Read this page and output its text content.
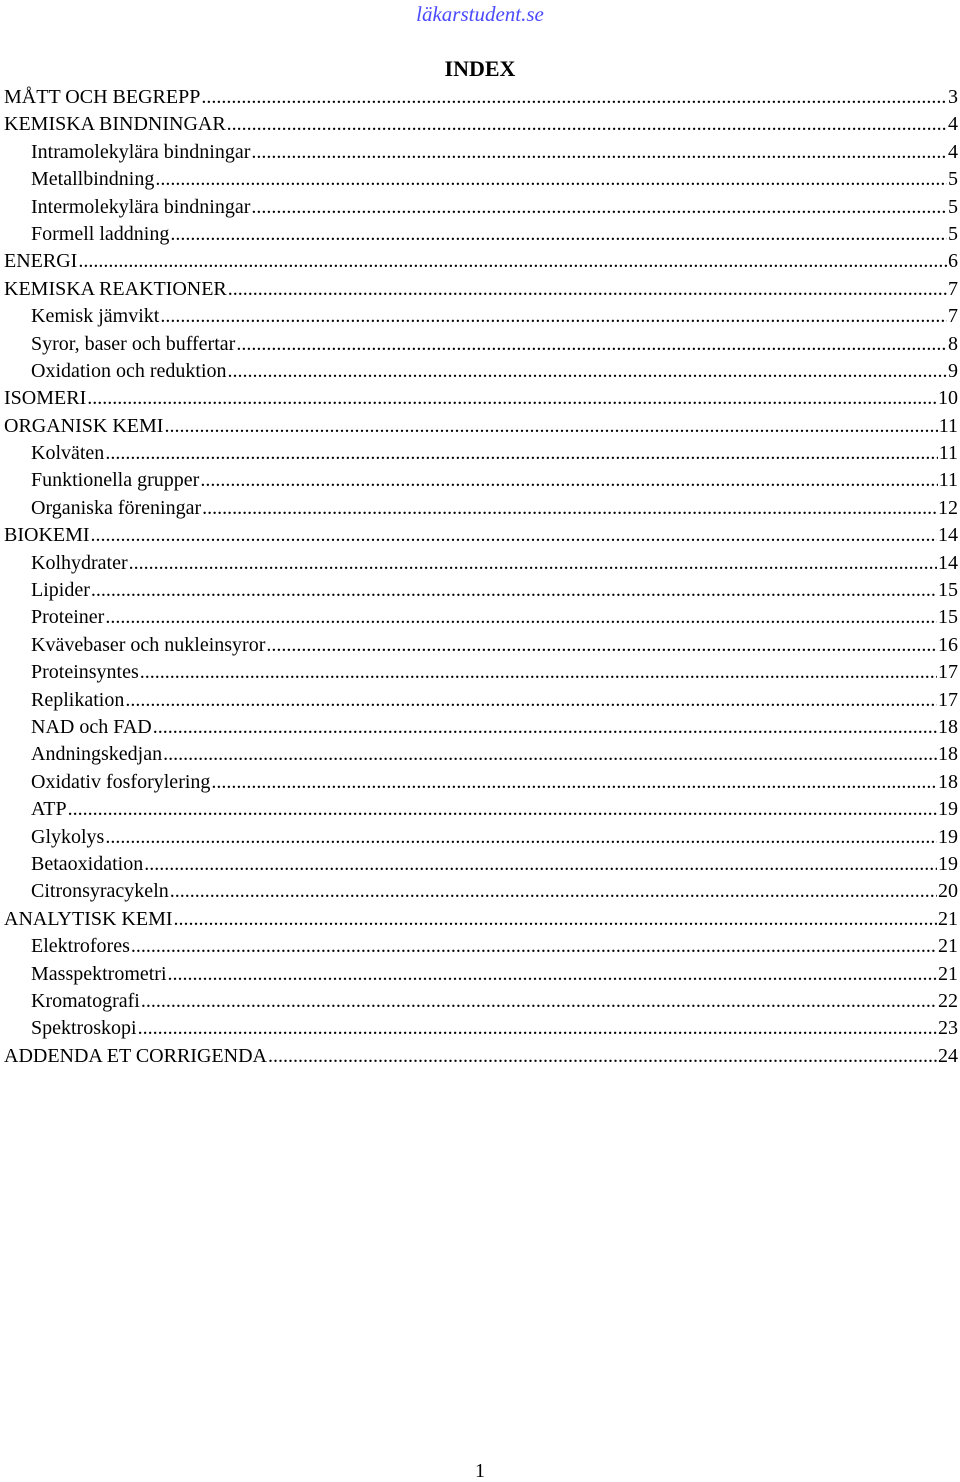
läkarstudent.se
INDEX
MÅTT OCH BEGREPP .....	3
KEMISKA BINDNINGAR .....	4
Intramolekylära bindningar .....	4
Metallbindning .....	5
Intermolekylära bindningar .....	5
Formell laddning .....	5
ENERGI .....	6
KEMISKA REAKTIONER .....	7
Kemisk jämvikt .....	7
Syror, baser och buffertar .....	8
Oxidation och reduktion .....	9
ISOMERI .....	10
ORGANISK KEMI .....	11
Kolväten .....	11
Funktionella grupper .....	11
Organiska föreningar .....	12
BIOKEMI .....	14
Kolhydrater .....	14
Lipider .....	15
Proteiner .....	15
Kvävebaser och nukleinsyror .....	16
Proteinsyntes .....	17
Replikation .....	17
NAD och FAD .....	18
Andningskedjan .....	18
Oxidativ fosforylering .....	18
ATP .....	19
Glykolys .....	19
Betaoxidation .....	19
Citronsyracykeln .....	20
ANALYTISK KEMI .....	21
Elektrofores .....	21
Masspektrometri .....	21
Kromatografi .....	22
Spektroskopi .....	23
ADDENDA ET CORRIGENDA .....	24
1
